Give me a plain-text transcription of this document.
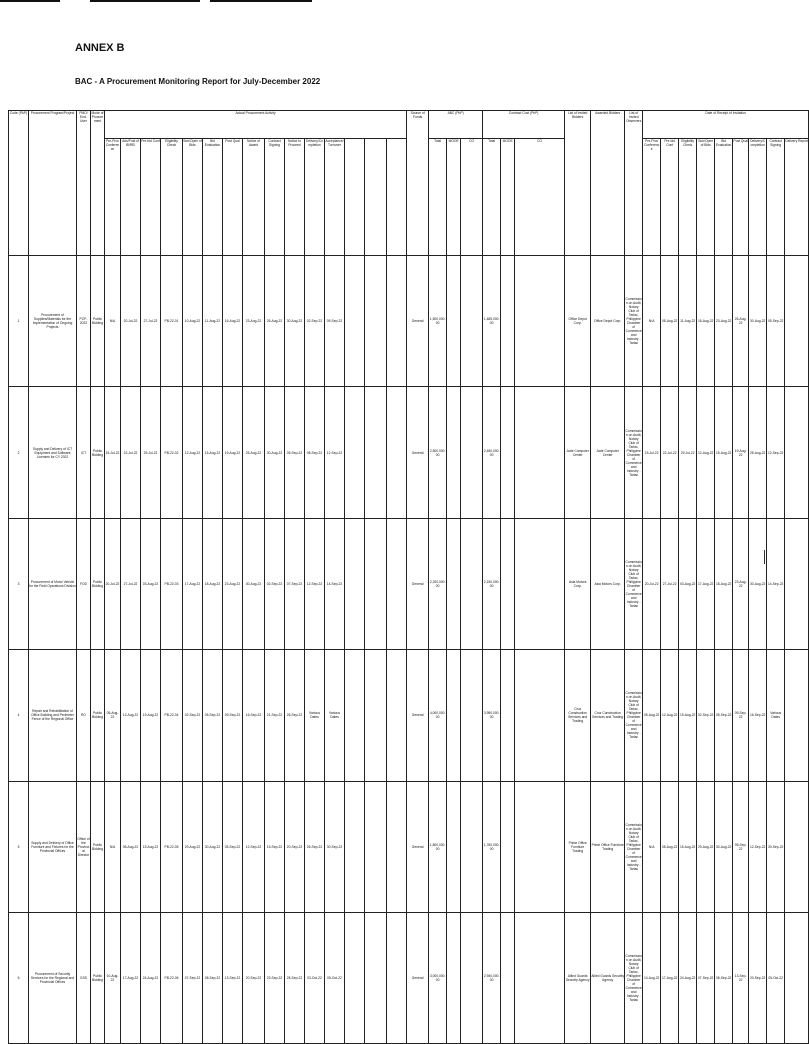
ANNEX B
BAC - A Procurement Monitoring Report for July-December 2022
Code (PAP)	Procurement Program/Project	PMO/ End-User	Mode of Procurement	Actual Procurement Activity															Source of Funds	ABC (PhP)			Contract Cost (PhP)			List of Invited Bidders	Awarded Bidders	List of Invited Observers	Date of Receipt of Invitation	
				Pre-Proc Conference	Ads/Post of IB/REI	Pre-bid Conf	Eligibility Check	Sub/Open of Bids	Bid Evaluation	Post Qual	Notice of Award	Contract Signing	Notice to Proceed	Delivery/Completion	Acceptance/Turnover					Total	MOOE	CO	Total	MOOE	CO				Pre-Proc Conference	Pre-bid Conf	Eligibility Check	Sub/Open of Bids	Bid Evaluation	Post Qual	Delivery/Completion	Contract Signing	Delivery Report	

1	Procurement of Supplies/Materials for the Implementation of Ongoing Projects	PCP-2022	Public Bidding	N/A	20-Jul-22	27-Jul-22	PB-22-01	10-Aug-22	11-Aug-22	16-Aug-22	23-Aug-22	26-Aug-22	30-Aug-22	02-Sep-22	05-Sep-22				General	1,500,000.00			1,485,000.00			Office Depot Corp.	Office Depot Corp.	Commission on Audit, Notary Club of Tarlac, Philippine Chamber of Commerce and Industry - Tarlac	N/A	08-Aug-22	11-Aug-22	16-Aug-22	23-Aug-22	26-Aug-22	30-Aug-22	05-Sep-22		
2	Supply and Delivery of ICT Equipment and Software Licenses for CY 2022	ICT	Public Bidding	15-Jul-22	22-Jul-22	29-Jul-22	PB-22-02	12-Aug-22	15-Aug-22	19-Aug-22	25-Aug-22	30-Aug-22	05-Sep-22	08-Sep-22	12-Sep-22				General	2,500,000.00			2,450,000.00			Jade Computer Center	Jade Computer Center	Commission on Audit, Notary Club of Tarlac, Philippine Chamber of Commerce and Industry - Tarlac	15-Jul-22	22-Jul-22	29-Jul-22	12-Aug-22	15-Aug-22	19-Aug-22	25-Aug-22	12-Sep-22		
3	Procurement of Motor Vehicle for the Field Operations Division	FOD	Public Bidding	20-Jul-22	27-Jul-22	03-Aug-22	PB-22-03	17-Aug-22	18-Aug-22	23-Aug-22	30-Aug-22	02-Sep-22	07-Sep-22	12-Sep-22	14-Sep-22				General	2,200,000.00			2,150,000.00			Asia Motors Corp.	Asia Motors Corp.	Commission on Audit, Notary Club of Tarlac, Philippine Chamber of Commerce and Industry - Tarlac	20-Jul-22	27-Jul-22	03-Aug-22	17-Aug-22	18-Aug-22	23-Aug-22	30-Aug-22	14-Sep-22		
4	Repair and Rehabilitation of Office Building and Perimeter Fence of the Regional Office	RO	Public Bidding	05-Aug-22	12-Aug-22	19-Aug-22	PB-22-04	02-Sep-22	05-Sep-22	09-Sep-22	16-Sep-22	21-Sep-22	26-Sep-22	Various Dates	Various Dates				General	4,000,000.00			3,950,000.00			Cruz Construction Services and Trading	Cruz Construction Services and Trading	Commission on Audit, Notary Club of Tarlac, Philippine Chamber of Commerce and Industry - Tarlac	05-Aug-22	12-Aug-22	19-Aug-22	02-Sep-22	05-Sep-22	09-Sep-22	16-Sep-22	Various Dates		
5	Supply and Delivery of Office Furniture and Fixtures for the Provincial Offices	Office of the Provincial Director	Public Bidding	N/A	08-Aug-22	15-Aug-22	PB-22-05	29-Aug-22	30-Aug-22	05-Sep-22	12-Sep-22	15-Sep-22	20-Sep-22	26-Sep-22	30-Sep-22				General	1,800,000.00			1,760,000.00			Prime Office Furniture Trading	Prime Office Furniture Trading	Commission on Audit, Notary Club of Tarlac, Philippine Chamber of Commerce and Industry - Tarlac	N/A	08-Aug-22	15-Aug-22	29-Aug-22	30-Aug-22	05-Sep-22	12-Sep-22	30-Sep-22		
6	Procurement of Security Services for the Regional and Provincial Offices	GSS	Public Bidding	10-Aug-22	17-Aug-22	24-Aug-22	PB-22-06	07-Sep-22	08-Sep-22	13-Sep-22	20-Sep-22	23-Sep-22	28-Sep-22	03-Oct-22	05-Oct-22				General	3,000,000.00			2,940,000.00			Allied Guards Security Agency	Allied Guards Security Agency	Commission on Audit, Notary Club of Tarlac, Philippine Chamber of Commerce and Industry - Tarlac	10-Aug-22	17-Aug-22	24-Aug-22	07-Sep-22	08-Sep-22	13-Sep-22	20-Sep-22	05-Oct-22		
